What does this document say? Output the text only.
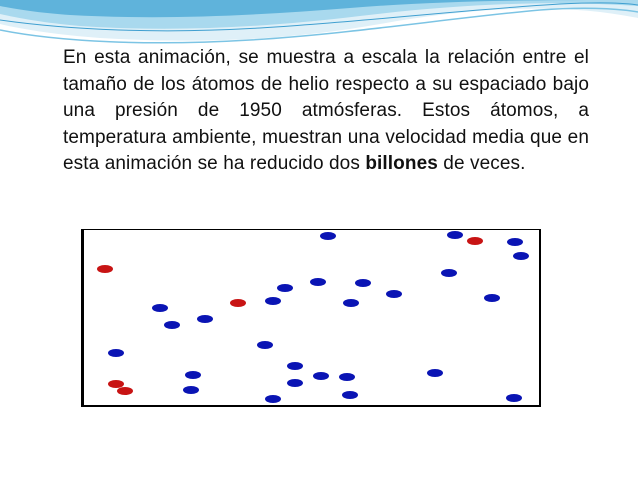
En esta animación, se muestra a escala la relación entre el tamaño de los átomos de helio respecto a su espaciado bajo una presión de 1950 atmósferas. Estos átomos, a temperatura ambiente, muestran una velocidad media que en esta animación se ha reducido dos billones de veces.
